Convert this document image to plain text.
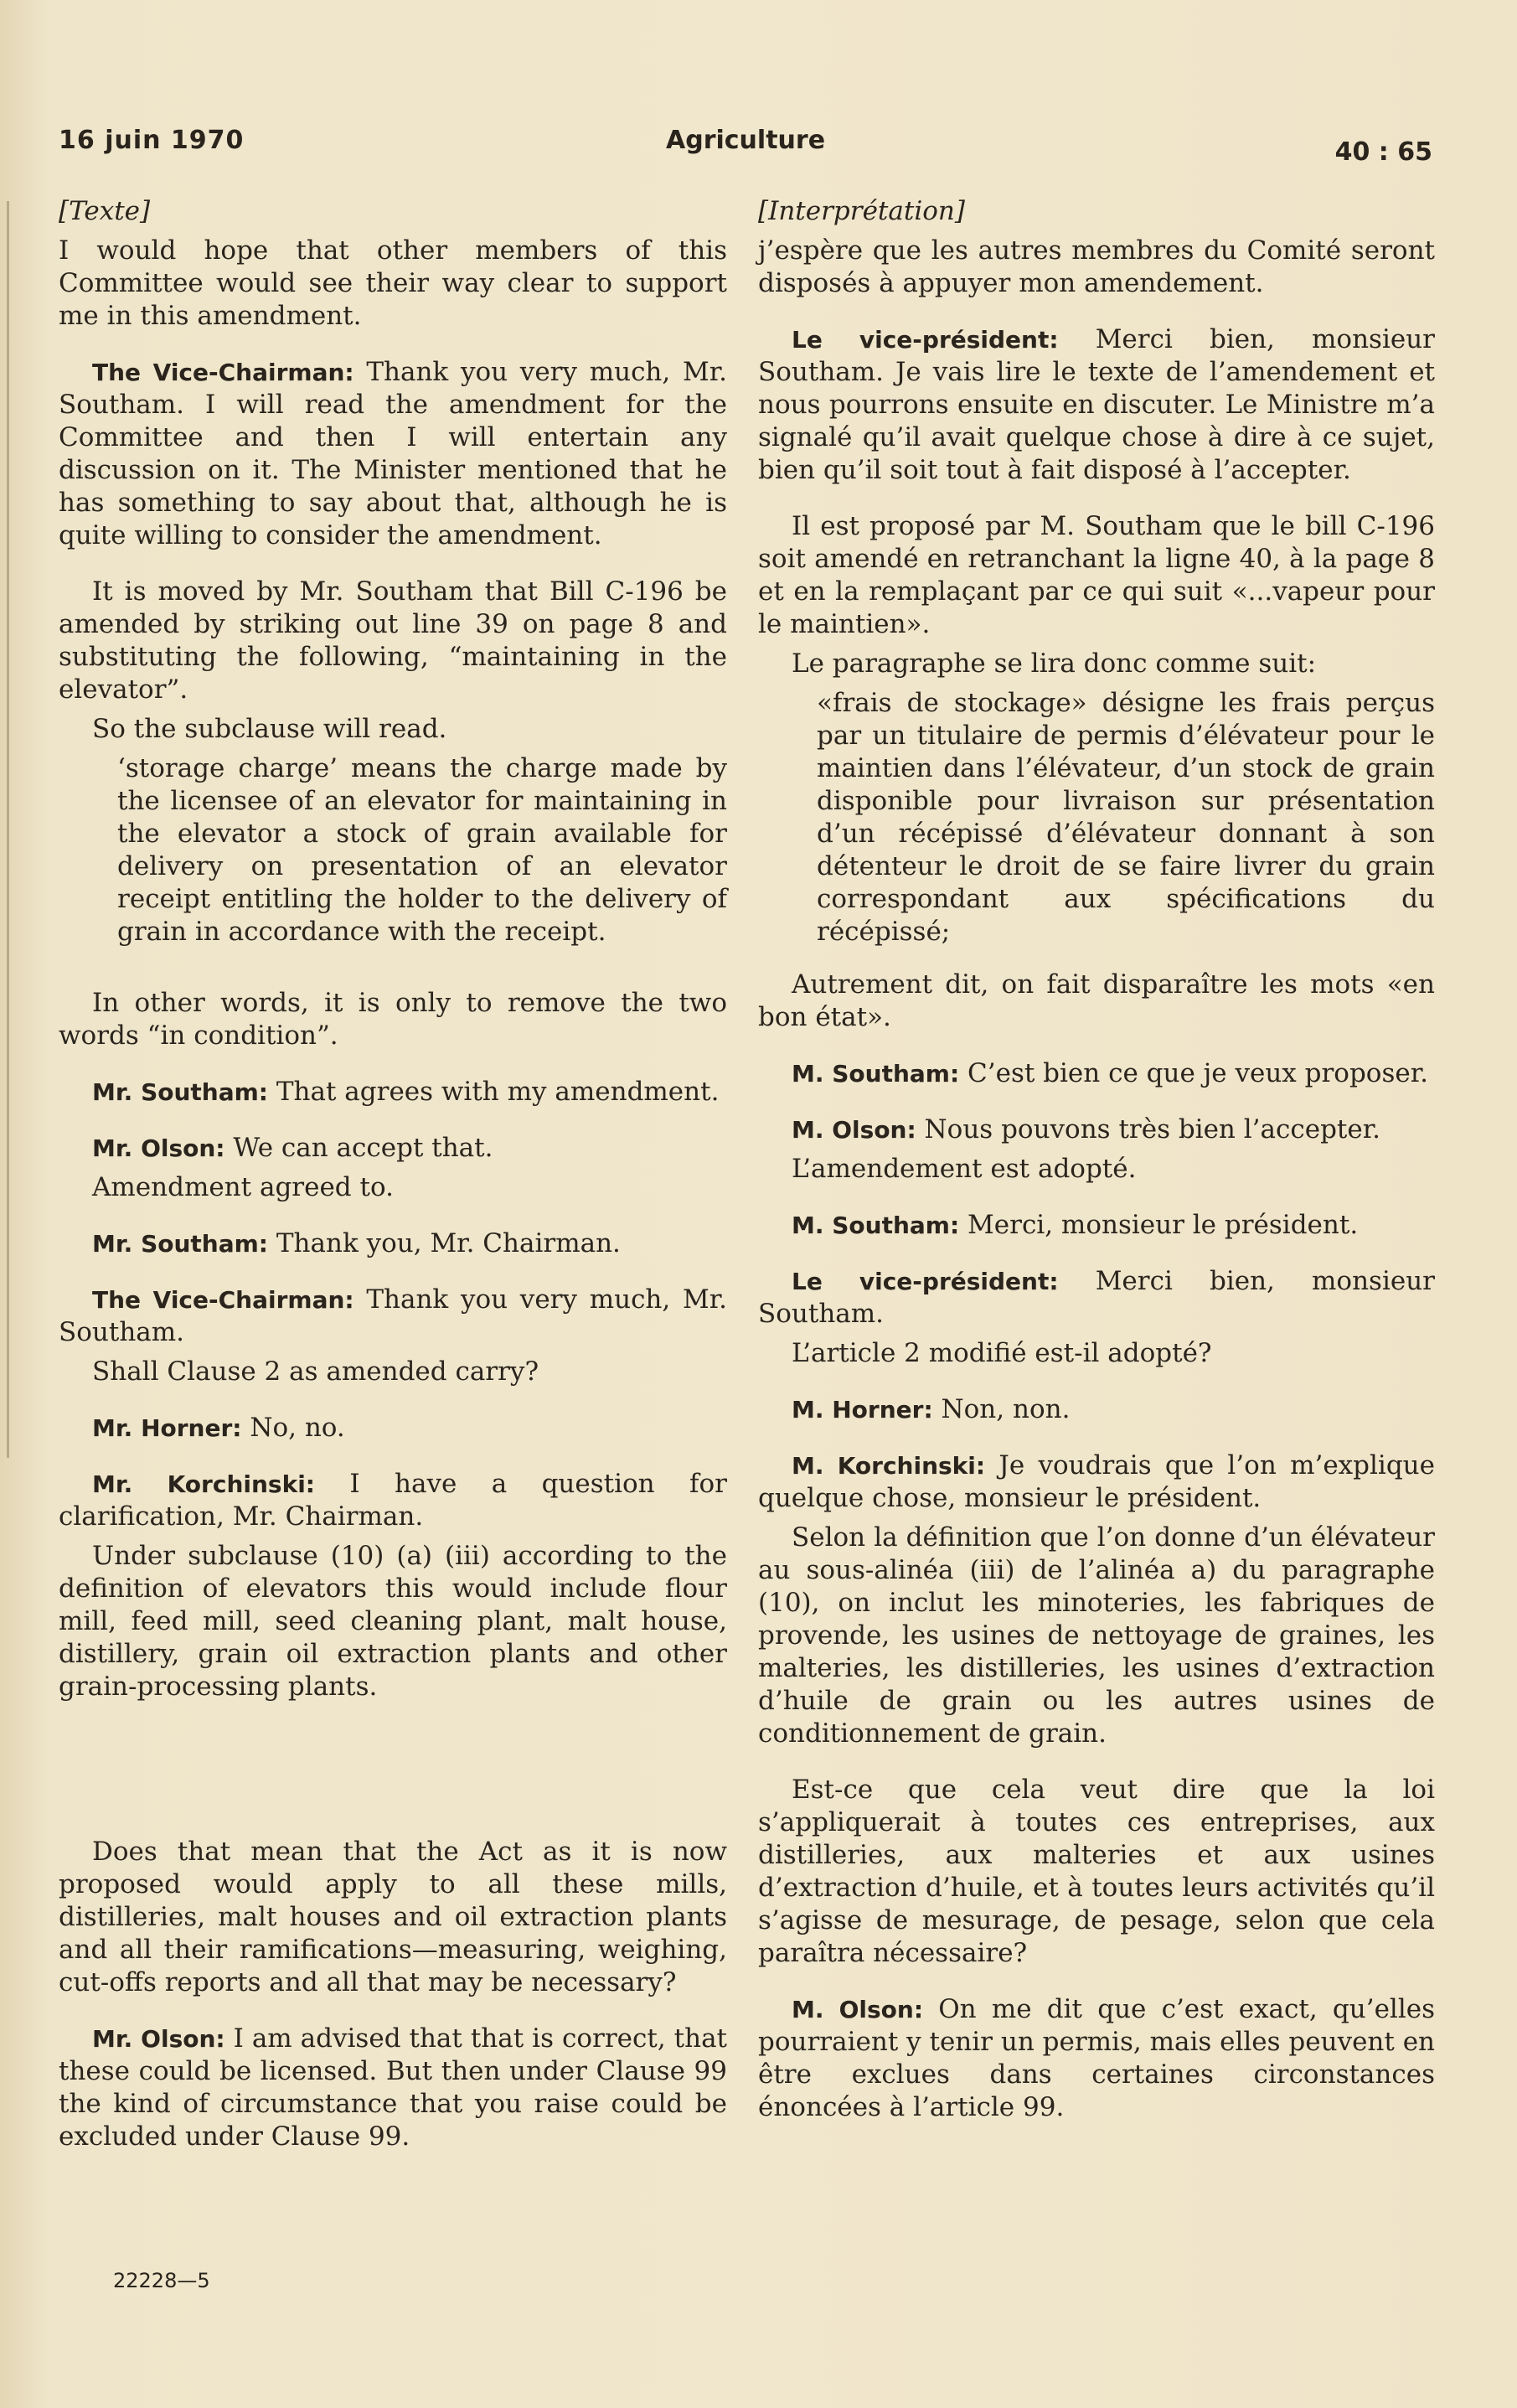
16 juin 1970	Agriculture	40 : 65

[Texte]

I would hope that other members of this Committee would see their way clear to support me in this amendment.

The Vice-Chairman: Thank you very much, Mr. Southam. I will read the amendment for the Committee and then I will entertain any discussion on it. The Minister mentioned that he has something to say about that, although he is quite willing to consider the amendment.

It is moved by Mr. Southam that Bill C-196 be amended by striking out line 39 on page 8 and substituting the following, “maintaining in the elevator”.

So the subclause will read.

‘storage charge’ means the charge made by the licensee of an elevator for maintaining in the elevator a stock of grain available for delivery on presentation of an elevator receipt entitling the holder to the delivery of grain in accordance with the receipt.

In other words, it is only to remove the two words “in condition”.

Mr. Southam: That agrees with my amendment.

Mr. Olson: We can accept that.

Amendment agreed to.

Mr. Southam: Thank you, Mr. Chairman.

The Vice-Chairman: Thank you very much, Mr. Southam.

Shall Clause 2 as amended carry?

Mr. Horner: No, no.

Mr. Korchinski: I have a question for clarification, Mr. Chairman.

Under subclause (10) (a) (iii) according to the definition of elevators this would include flour mill, feed mill, seed cleaning plant, malt house, distillery, grain oil extraction plants and other grain-processing plants.

Does that mean that the Act as it is now proposed would apply to all these mills, distilleries, malt houses and oil extraction plants and all their ramifications—measuring, weighing, cut-offs reports and all that may be necessary?

Mr. Olson: I am advised that that is correct, that these could be licensed. But then under Clause 99 the kind of circumstance that you raise could be excluded under Clause 99.

[Interprétation]

j’espère que les autres membres du Comité seront disposés à appuyer mon amendement.

Le vice-président: Merci bien, monsieur Southam. Je vais lire le texte de l’amendement et nous pourrons ensuite en discuter. Le Ministre m’a signalé qu’il avait quelque chose à dire à ce sujet, bien qu’il soit tout à fait disposé à l’accepter.

Il est proposé par M. Southam que le bill C-196 soit amendé en retranchant la ligne 40, à la page 8 et en la remplaçant par ce qui suit «...vapeur pour le maintien».

Le paragraphe se lira donc comme suit:

«frais de stockage» désigne les frais perçus par un titulaire de permis d’élévateur pour le maintien dans l’élévateur, d’un stock de grain disponible pour livraison sur présentation d’un récépissé d’élévateur donnant à son détenteur le droit de se faire livrer du grain correspondant aux spécifications du récépissé;

Autrement dit, on fait disparaître les mots «en bon état».

M. Southam: C’est bien ce que je veux proposer.

M. Olson: Nous pouvons très bien l’accepter.

L’amendement est adopté.

M. Southam: Merci, monsieur le président.

Le vice-président: Merci bien, monsieur Southam.

L’article 2 modifié est-il adopté?

M. Horner: Non, non.

M. Korchinski: Je voudrais que l’on m’explique quelque chose, monsieur le président.

Selon la définition que l’on donne d’un élévateur au sous-alinéa (iii) de l’alinéa a) du paragraphe (10), on inclut les minoteries, les fabriques de provende, les usines de nettoyage de graines, les malteries, les distilleries, les usines d’extraction d’huile de grain ou les autres usines de conditionnement de grain.

Est-ce que cela veut dire que la loi s’appliquerait à toutes ces entreprises, aux distilleries, aux malteries et aux usines d’extraction d’huile, et à toutes leurs activités qu’il s’agisse de mesurage, de pesage, selon que cela paraîtra nécessaire?

M. Olson: On me dit que c’est exact, qu’elles pourraient y tenir un permis, mais elles peuvent en être exclues dans certaines circonstances énoncées à l’article 99.

22228—5
